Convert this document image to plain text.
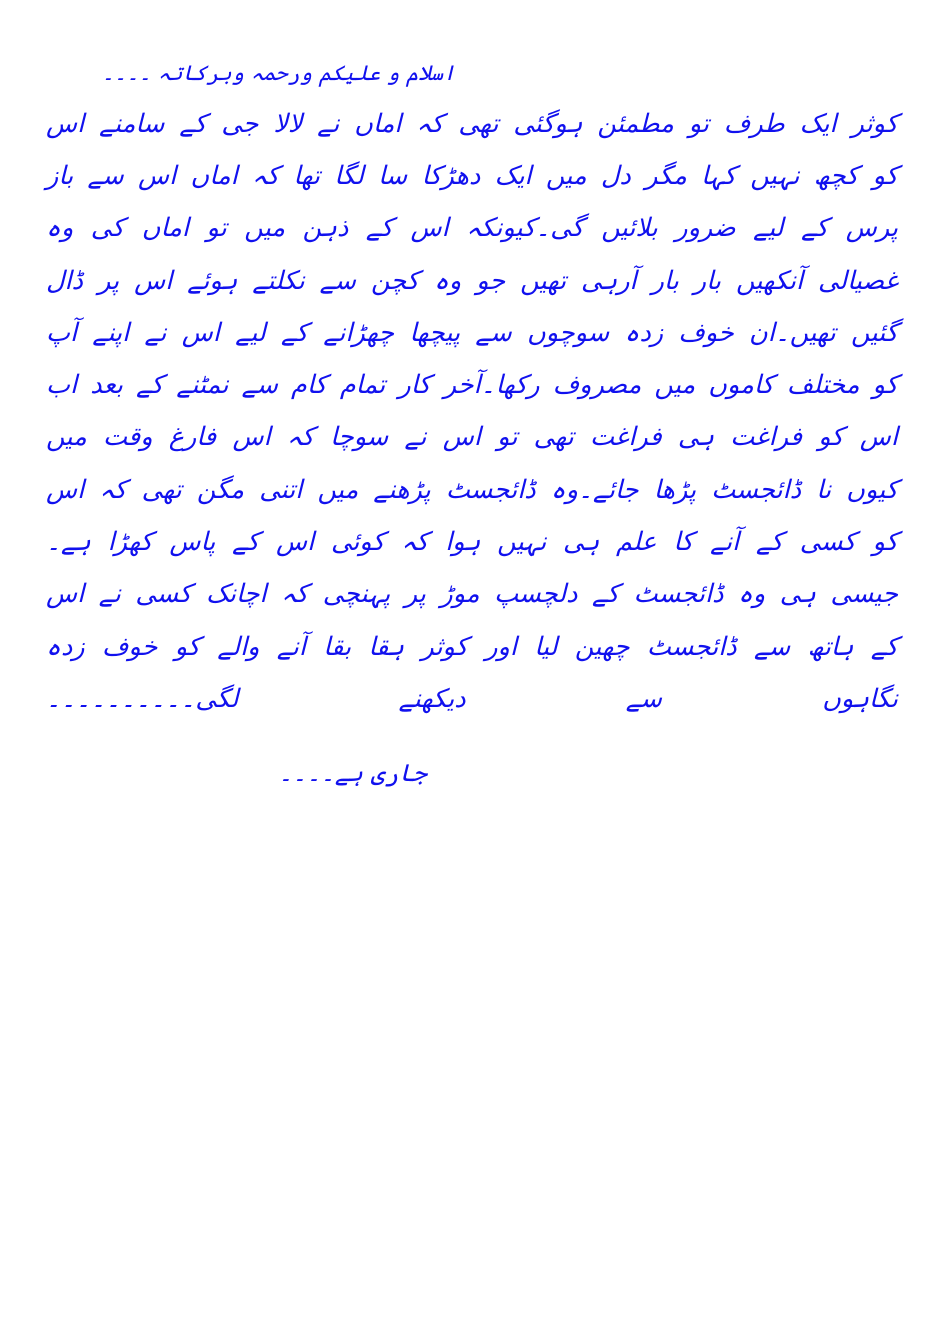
اسلام و علیکم ورحمہ وبرکاتہ ۔۔۔۔

کوثر ایک طرف تو مطمئن ہوگئی تھی کہ اماں نے لالا جی کے سامنے اس کو کچھ نہیں کہا مگر دل میں ایک دھڑکا سا لگا تھا کہ اماں اس سے باز پرس کے لیے ضرور بلائیں گی۔کیونکہ اس کے ذہن میں تو اماں کی وہ غصیالی آنکھیں بار بار آرہی تھیں جو وہ کچن سے نکلتے ہوئے اس پر ڈال گئیں تھیں۔ان خوف زدہ سوچوں سے پیچھا چھڑانے کے لیے اس نے اپنے آپ کو مختلف کاموں میں مصروف رکھا۔آخر کار تمام کام سے نمٹنے کے بعد اب اس کو فراغت ہی فراغت تھی تو اس نے سوچا کہ اس فارغ وقت میں کیوں نا ڈائجسٹ پڑھا جائے۔وہ ڈائجسٹ پڑھنے میں اتنی مگن تھی کہ اس کو کسی کے آنے کا علم ہی نہیں ہوا کہ کوئی اس کے پاس کھڑا ہے۔جیسی ہی وہ ڈائجسٹ کے دلچسپ موڑ پر پہنچی کہ اچانک کسی نے اس کے ہاتھ سے ڈائجسٹ چھین لیا اور کوثر ہقا بقا آنے والے کو خوف زدہ نگاہوں سے دیکھنے لگی۔۔۔۔۔۔۔۔۔۔

جاری ہے۔۔۔۔
